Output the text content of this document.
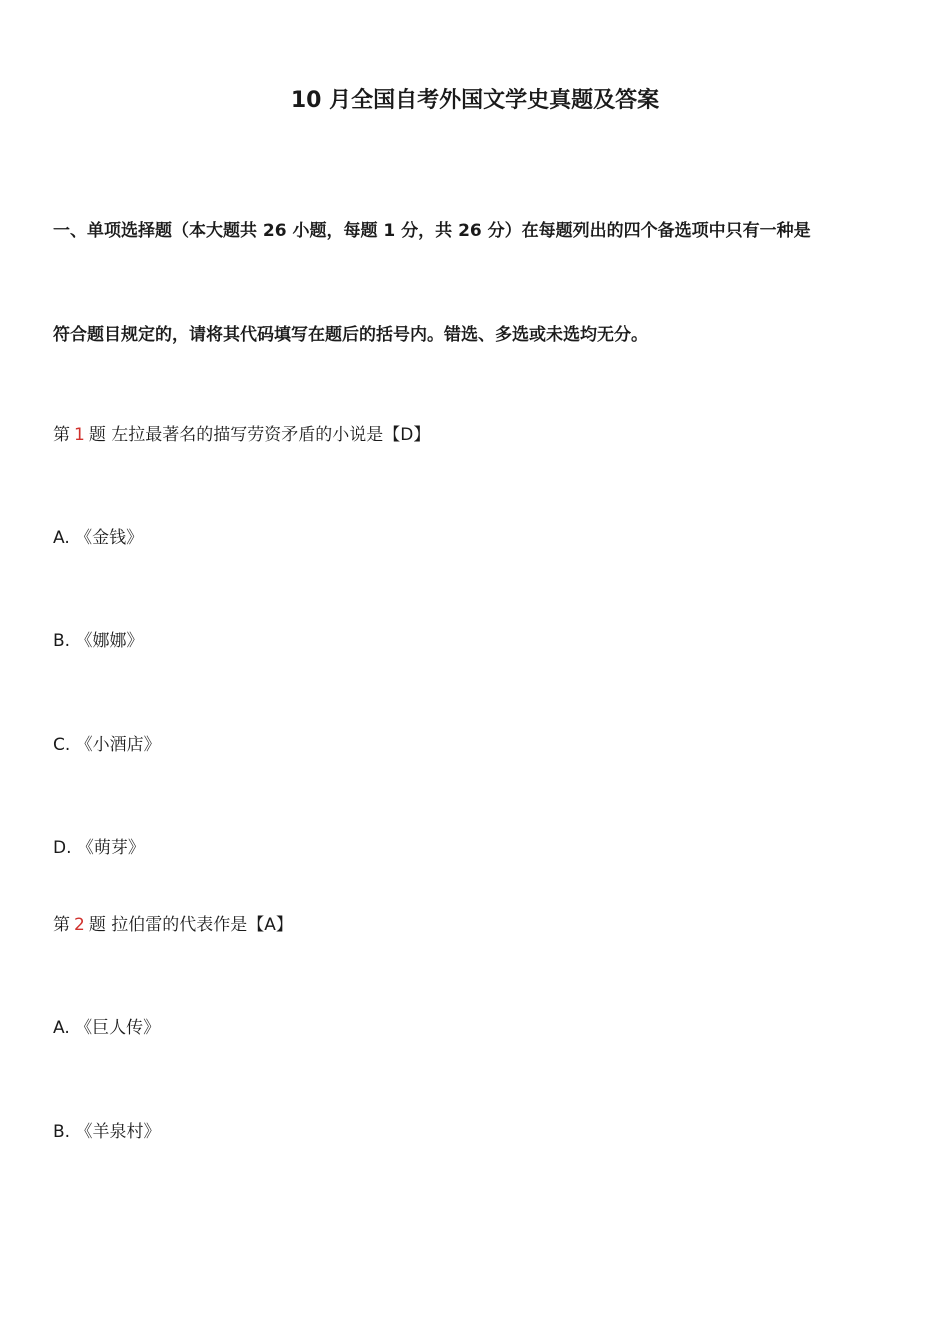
10 月全国自考外国文学史真题及答案
一、单项选择题（本大题共 26 小题，每题 1 分，共 26 分）在每题列出的四个备选项中只有一种是
符合题目规定的，请将其代码填写在题后的括号内。错选、多选或未选均无分。
第 1 题 左拉最著名的描写劳资矛盾的小说是【D】
A. 《金钱》
B. 《娜娜》
C. 《小酒店》
D. 《萌芽》
第 2 题 拉伯雷的代表作是【A】
A. 《巨人传》
B. 《羊泉村》
